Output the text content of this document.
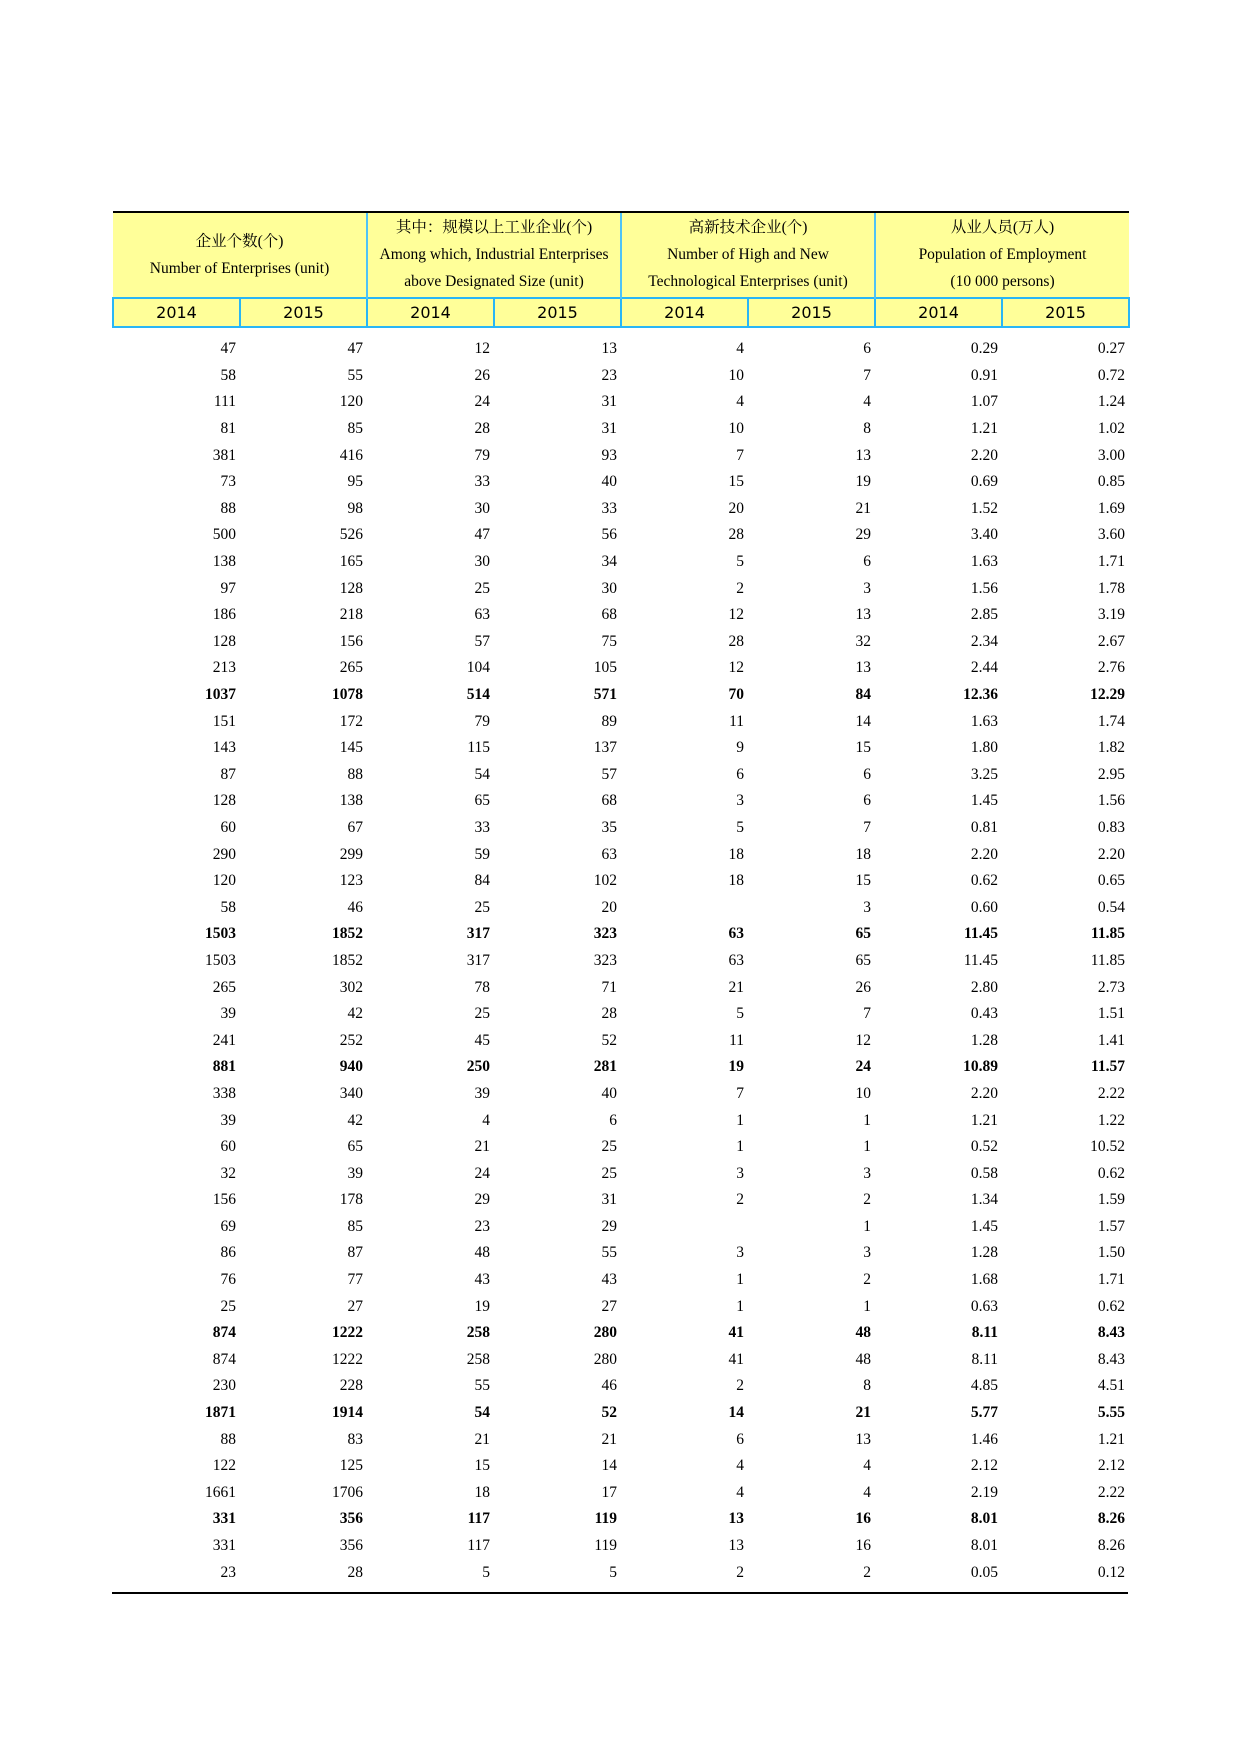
企业个数(个)
Number of Enterprises (unit)		其中：规模以上工业企业(个)
Among which, Industrial Enterprises
above Designated Size (unit)		高新技术企业(个)
Number of High and New
Technological Enterprises (unit)		从业人员(万人)
Population of Employment
(10 000 persons)	

2014	2015	2014	2015	2014	2015	2014	2015

47	47	12	13	4	6	0.29	0.27
58	55	26	23	10	7	0.91	0.72
111	120	24	31	4	4	1.07	1.24
81	85	28	31	10	8	1.21	1.02
381	416	79	93	7	13	2.20	3.00
73	95	33	40	15	19	0.69	0.85
88	98	30	33	20	21	1.52	1.69
500	526	47	56	28	29	3.40	3.60
138	165	30	34	5	6	1.63	1.71
97	128	25	30	2	3	1.56	1.78
186	218	63	68	12	13	2.85	3.19
128	156	57	75	28	32	2.34	2.67
213	265	104	105	12	13	2.44	2.76
1037	1078	514	571	70	84	12.36	12.29
151	172	79	89	11	14	1.63	1.74
143	145	115	137	9	15	1.80	1.82
87	88	54	57	6	6	3.25	2.95
128	138	65	68	3	6	1.45	1.56
60	67	33	35	5	7	0.81	0.83
290	299	59	63	18	18	2.20	2.20
120	123	84	102	18	15	0.62	0.65
58	46	25	20		3	0.60	0.54
1503	1852	317	323	63	65	11.45	11.85
1503	1852	317	323	63	65	11.45	11.85
265	302	78	71	21	26	2.80	2.73
39	42	25	28	5	7	0.43	1.51
241	252	45	52	11	12	1.28	1.41
881	940	250	281	19	24	10.89	11.57
338	340	39	40	7	10	2.20	2.22
39	42	4	6	1	1	1.21	1.22
60	65	21	25	1	1	0.52	10.52
32	39	24	25	3	3	0.58	0.62
156	178	29	31	2	2	1.34	1.59
69	85	23	29		1	1.45	1.57
86	87	48	55	3	3	1.28	1.50
76	77	43	43	1	2	1.68	1.71
25	27	19	27	1	1	0.63	0.62
874	1222	258	280	41	48	8.11	8.43
874	1222	258	280	41	48	8.11	8.43
230	228	55	46	2	8	4.85	4.51
1871	1914	54	52	14	21	5.77	5.55
88	83	21	21	6	13	1.46	1.21
122	125	15	14	4	4	2.12	2.12
1661	1706	18	17	4	4	2.19	2.22
331	356	117	119	13	16	8.01	8.26
331	356	117	119	13	16	8.01	8.26
23	28	5	5	2	2	0.05	0.12
